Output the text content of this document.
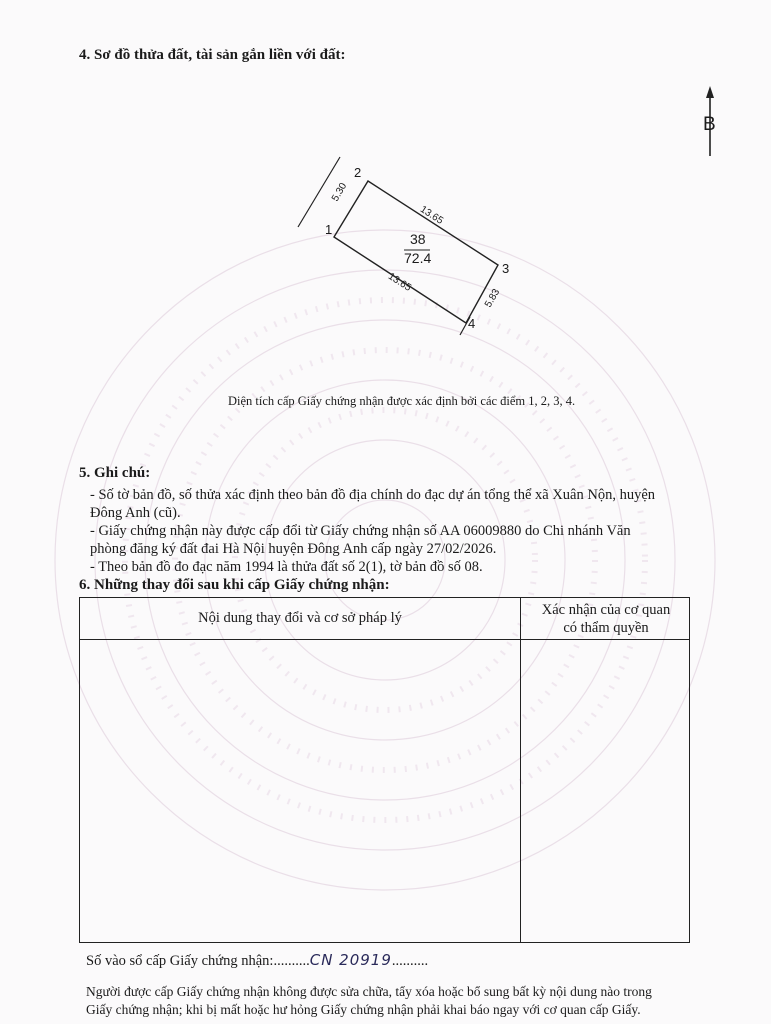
4. Sơ đồ thửa đất, tài sản gắn liền với đất:

B
1
2
3
4
5.30
13.65
5.83
13.65
38
72.4

Diện tích cấp Giấy chứng nhận được xác định bởi các điểm 1, 2, 3, 4.

5. Ghi chú:

- Số tờ bản đồ, số thửa xác định theo bản đồ địa chính do đạc dự án tổng thể xã Xuân Nộn, huyện

Đông Anh (cũ).

- Giấy chứng nhận này được cấp đổi từ Giấy chứng nhận số AA 06009880 do Chi nhánh Văn

phòng đăng ký đất đai Hà Nội huyện Đông Anh cấp ngày 27/02/2026.

- Theo bản đồ đo đạc năm 1994 là thửa đất số 2(1), tờ bản đồ số 08.

6. Những thay đổi sau khi cấp Giấy chứng nhận:

Nội dung thay đổi và cơ sở pháp lý	Xác nhận của cơ quan
có thẩm quyền

Số vào sổ cấp Giấy chứng nhận:..........CN 20919..........

Người được cấp Giấy chứng nhận không được sửa chữa, tẩy xóa hoặc bổ sung bất kỳ nội dung nào trong

Giấy chứng nhận; khi bị mất hoặc hư hỏng Giấy chứng nhận phải khai báo ngay với cơ quan cấp Giấy.
